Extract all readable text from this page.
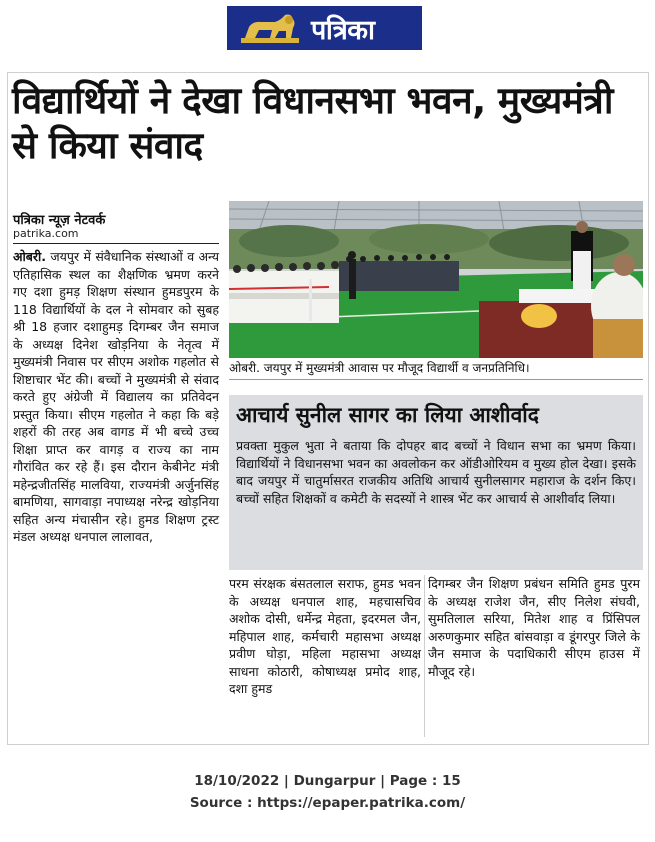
पत्रिका
विद्यार्थियों ने देखा विधानसभा भवन, मुख्यमंत्री से किया संवाद
पत्रिका न्यूज़ नेटवर्क
patrika.com

ओबरी. जयपुर में संवैधानिक संस्थाओं व अन्य एतिहासिक स्थल का शैक्षणिक भ्रमण करने गए दशा हुमड़ शिक्षण संस्थान हुमडपुरम के 118 विद्यार्थियों के दल ने सोमवार को सुबह श्री 18 हजार दशाहुमड़ दिगम्बर जैन समाज के अध्यक्ष दिनेश खोड़निया के नेतृत्व में मुख्यमंत्री निवास पर सीएम अशोक गहलोत से शिष्टाचार भेंट की। बच्चों ने मुख्यमंत्री से संवाद करते हुए अंग्रेजी में विद्यालय का प्रतिवेदन प्रस्तुत किया। सीएम गहलोत ने कहा कि बड़े शहरों की तरह अब वागड में भी बच्चे उच्च शिक्षा प्राप्त कर वागड़ व राज्य का नाम गौरांवित कर रहे हैं। इस दौरान केबीनेट मंत्री महेन्द्रजीतसिंह मालविया, राज्यमंत्री अर्जुनसिंह बामणिया, सागवाड़ा नपाध्यक्ष नरेन्द्र खोड़निया सहित अन्य मंचासीन रहे। हुमड शिक्षण ट्रस्ट मंडल अध्यक्ष धनपाल लालावत,

ओबरी. जयपुर में मुख्यमंत्री आवास पर मौजूद विद्यार्थी व जनप्रतिनिधि।
आचार्य सुनील सागर का लिया आशीर्वाद

प्रवक्ता मुकुल भुता ने बताया कि दोपहर बाद बच्चों ने विधान सभा का भ्रमण किया। विद्यार्थियों ने विधानसभा भवन का अवलोकन कर ऑडीओरियम व मुख्य होल देखा। इसके बाद जयपुर में चातुर्मासरत राजकीय अतिथि आचार्य सुनीलसागर महाराज के दर्शन किए। बच्चों सहित शिक्षकों व कमेटी के सदस्यों ने शास्त्र भेंट कर आचार्य से आशीर्वाद लिया।

परम संरक्षक बंसतलाल सराफ, हुमड भवन के अध्यक्ष धनपाल शाह, महचासचिव अशोक दोसी, धर्मेन्द्र मेहता, इदरमल जैन, महिपाल शाह, कर्मचारी महासभा अध्यक्ष प्रवीण घोड़ा, महिला महासभा अध्यक्ष साधना कोठारी, कोषाध्यक्ष प्रमोद शाह, दशा हुमड

दिगम्बर जैन शिक्षण प्रबंधन समिति हुमड पुरम के अध्यक्ष राजेश जैन, सीए निलेश संघवी, सुमतिलाल सरिया, मितेश शाह व प्रिंसिपल अरुणकुमार सहित बांसवाड़ा व डूंगरपुर जिले के जैन समाज के पदाधिकारी सीएम हाउस में मौजूद रहे।

18/10/2022 | Dungarpur | Page : 15
Source : https://epaper.patrika.com/
